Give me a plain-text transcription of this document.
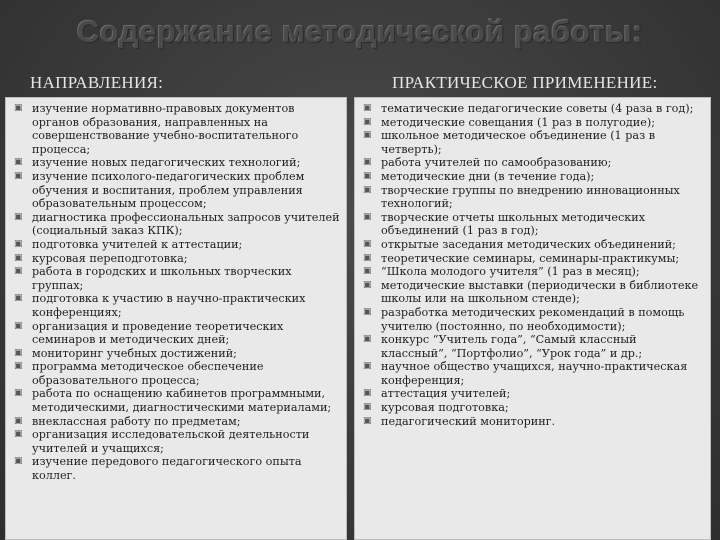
Содержание методической работы:
НАПРАВЛЕНИЯ:	ПРАКТИЧЕСКОЕ ПРИМЕНЕНИЕ:
▣ изучение нормативно-правовых документов органов образования, направленных на совершенствование учебно-воспитательного процесса;
▣ изучение новых педагогических технологий;
▣ изучение психолого-педагогических проблем обучения и воспитания, проблем управления образовательным процессом;
▣ диагностика профессиональных запросов учителей (социальный заказ КПК);
▣ подготовка учителей к аттестации;
▣ курсовая переподготовка;
▣ работа в городских и школьных творческих группах;
▣ подготовка к участию в научно-практических конференциях;
▣ организация и проведение теоретических семинаров и методических дней;
▣ мониторинг учебных достижений;
▣ программа методическое обеспечение образовательного процесса;
▣ работа по оснащению кабинетов программными, методическими, диагностическими материалами;
▣ внеклассная работу по предметам;
▣ организация исследовательской деятельности учителей и учащихся;
▣ изучение передового педагогического опыта коллег.
▣ тематические педагогические советы (4 раза в год);
▣ методические совещания (1 раз в полугодие);
▣ школьное методическое объединение (1 раз в четверть);
▣ работа учителей по самообразованию;
▣ методические дни (в течение года);
▣ творческие группы по внедрению инновационных технологий;
▣ творческие отчеты школьных методических объединений (1 раз в год);
▣ открытые заседания методических объединений;
▣ теоретические семинары, семинары-практикумы;
▣ “Школа молодого учителя” (1 раз в месяц);
▣ методические выставки (периодически в библиотеке школы или на школьном стенде);
▣ разработка методических рекомендаций в помощь учителю (постоянно, по необходимости);
▣ конкурс “Учитель года”, “Самый классный классный”, “Портфолио”, “Урок года” и др.;
▣ научное общество учащихся, научно-практическая конференция;
▣ аттестация учителей;
▣ курсовая подготовка;
▣ педагогический мониторинг.
